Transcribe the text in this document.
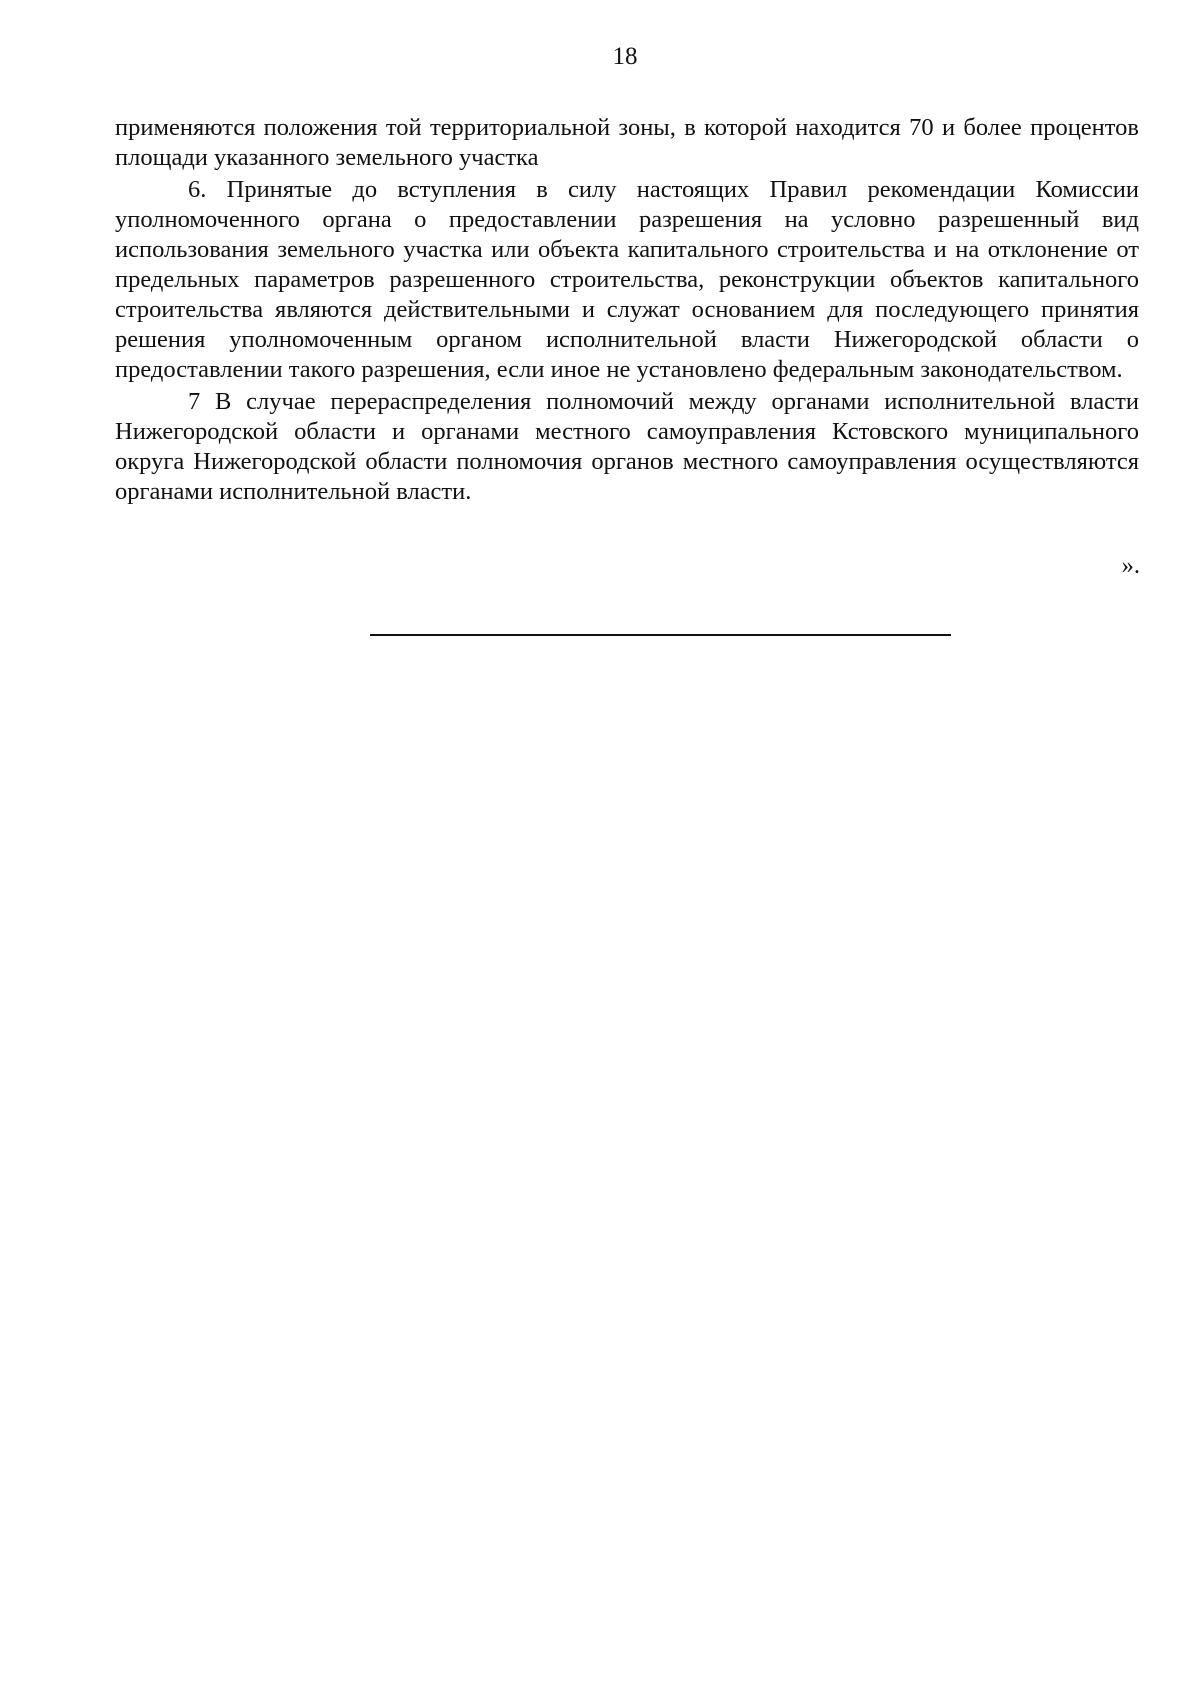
18

применяются положения той территориальной зоны, в которой находится 70 и более процентов площади указанного земельного участка

6. Принятые до вступления в силу настоящих Правил рекомендации Комиссии уполномоченного органа о предоставлении разрешения на условно разрешенный вид использования земельного участка или объекта капитального строительства и на отклонение от предельных параметров разрешенного строительства, реконструкции объектов капитального строительства являются действительными и служат основанием для последующего принятия решения уполномоченным органом исполнительной власти Нижегородской области о предоставлении такого разрешения, если иное не установлено федеральным законодательством.

7 В случае перераспределения полномочий между органами исполнительной власти Нижегородской области и органами местного самоуправления Кстовского муниципального округа Нижегородской области полномочия органов местного самоуправления осуществляются органами исполнительной власти.

».
